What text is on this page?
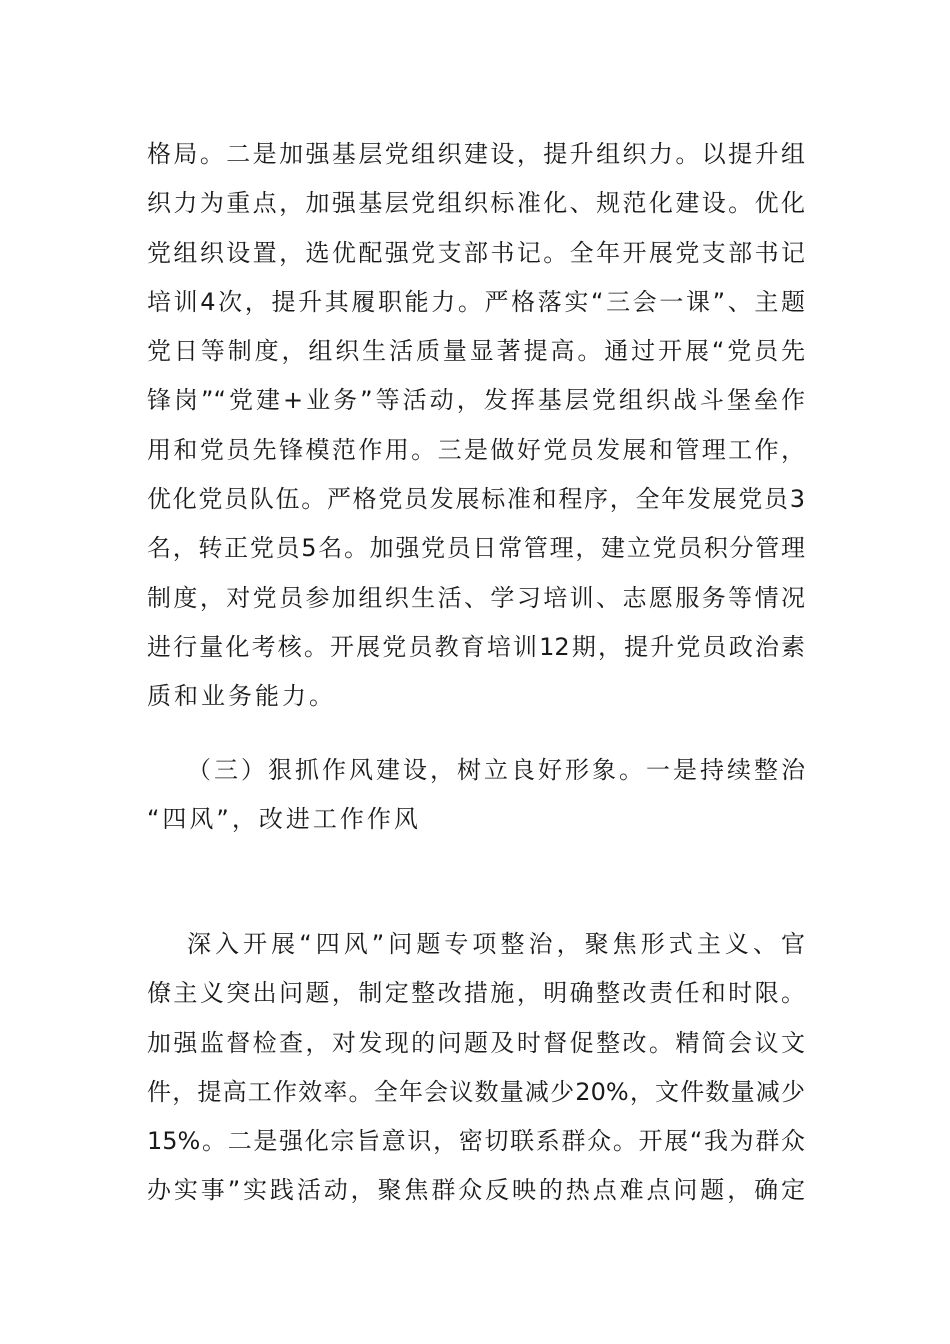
格局。二是加强基层党组织建设，提升组织力。以提升组
织力为重点，加强基层党组织标准化、规范化建设。优化
党组织设置，选优配强党支部书记。全年开展党支部书记
培训4次，提升其履职能力。严格落实“三会一课”、主题
党日等制度，组织生活质量显著提高。通过开展“党员先
锋岗”“党建+业务”等活动，发挥基层党组织战斗堡垒作
用和党员先锋模范作用。三是做好党员发展和管理工作，
优化党员队伍。严格党员发展标准和程序，全年发展党员3
名，转正党员5名。加强党员日常管理，建立党员积分管理
制度，对党员参加组织生活、学习培训、志愿服务等情况
进行量化考核。开展党员教育培训12期，提升党员政治素
质和业务能力。
（三）狠抓作风建设，树立良好形象。一是持续整治
“四风”，改进工作作风
深入开展“四风”问题专项整治，聚焦形式主义、官
僚主义突出问题，制定整改措施，明确整改责任和时限。
加强监督检查，对发现的问题及时督促整改。精简会议文
件，提高工作效率。全年会议数量减少20%，文件数量减少
15%。二是强化宗旨意识，密切联系群众。开展“我为群众
办实事”实践活动，聚焦群众反映的热点难点问题，确定
